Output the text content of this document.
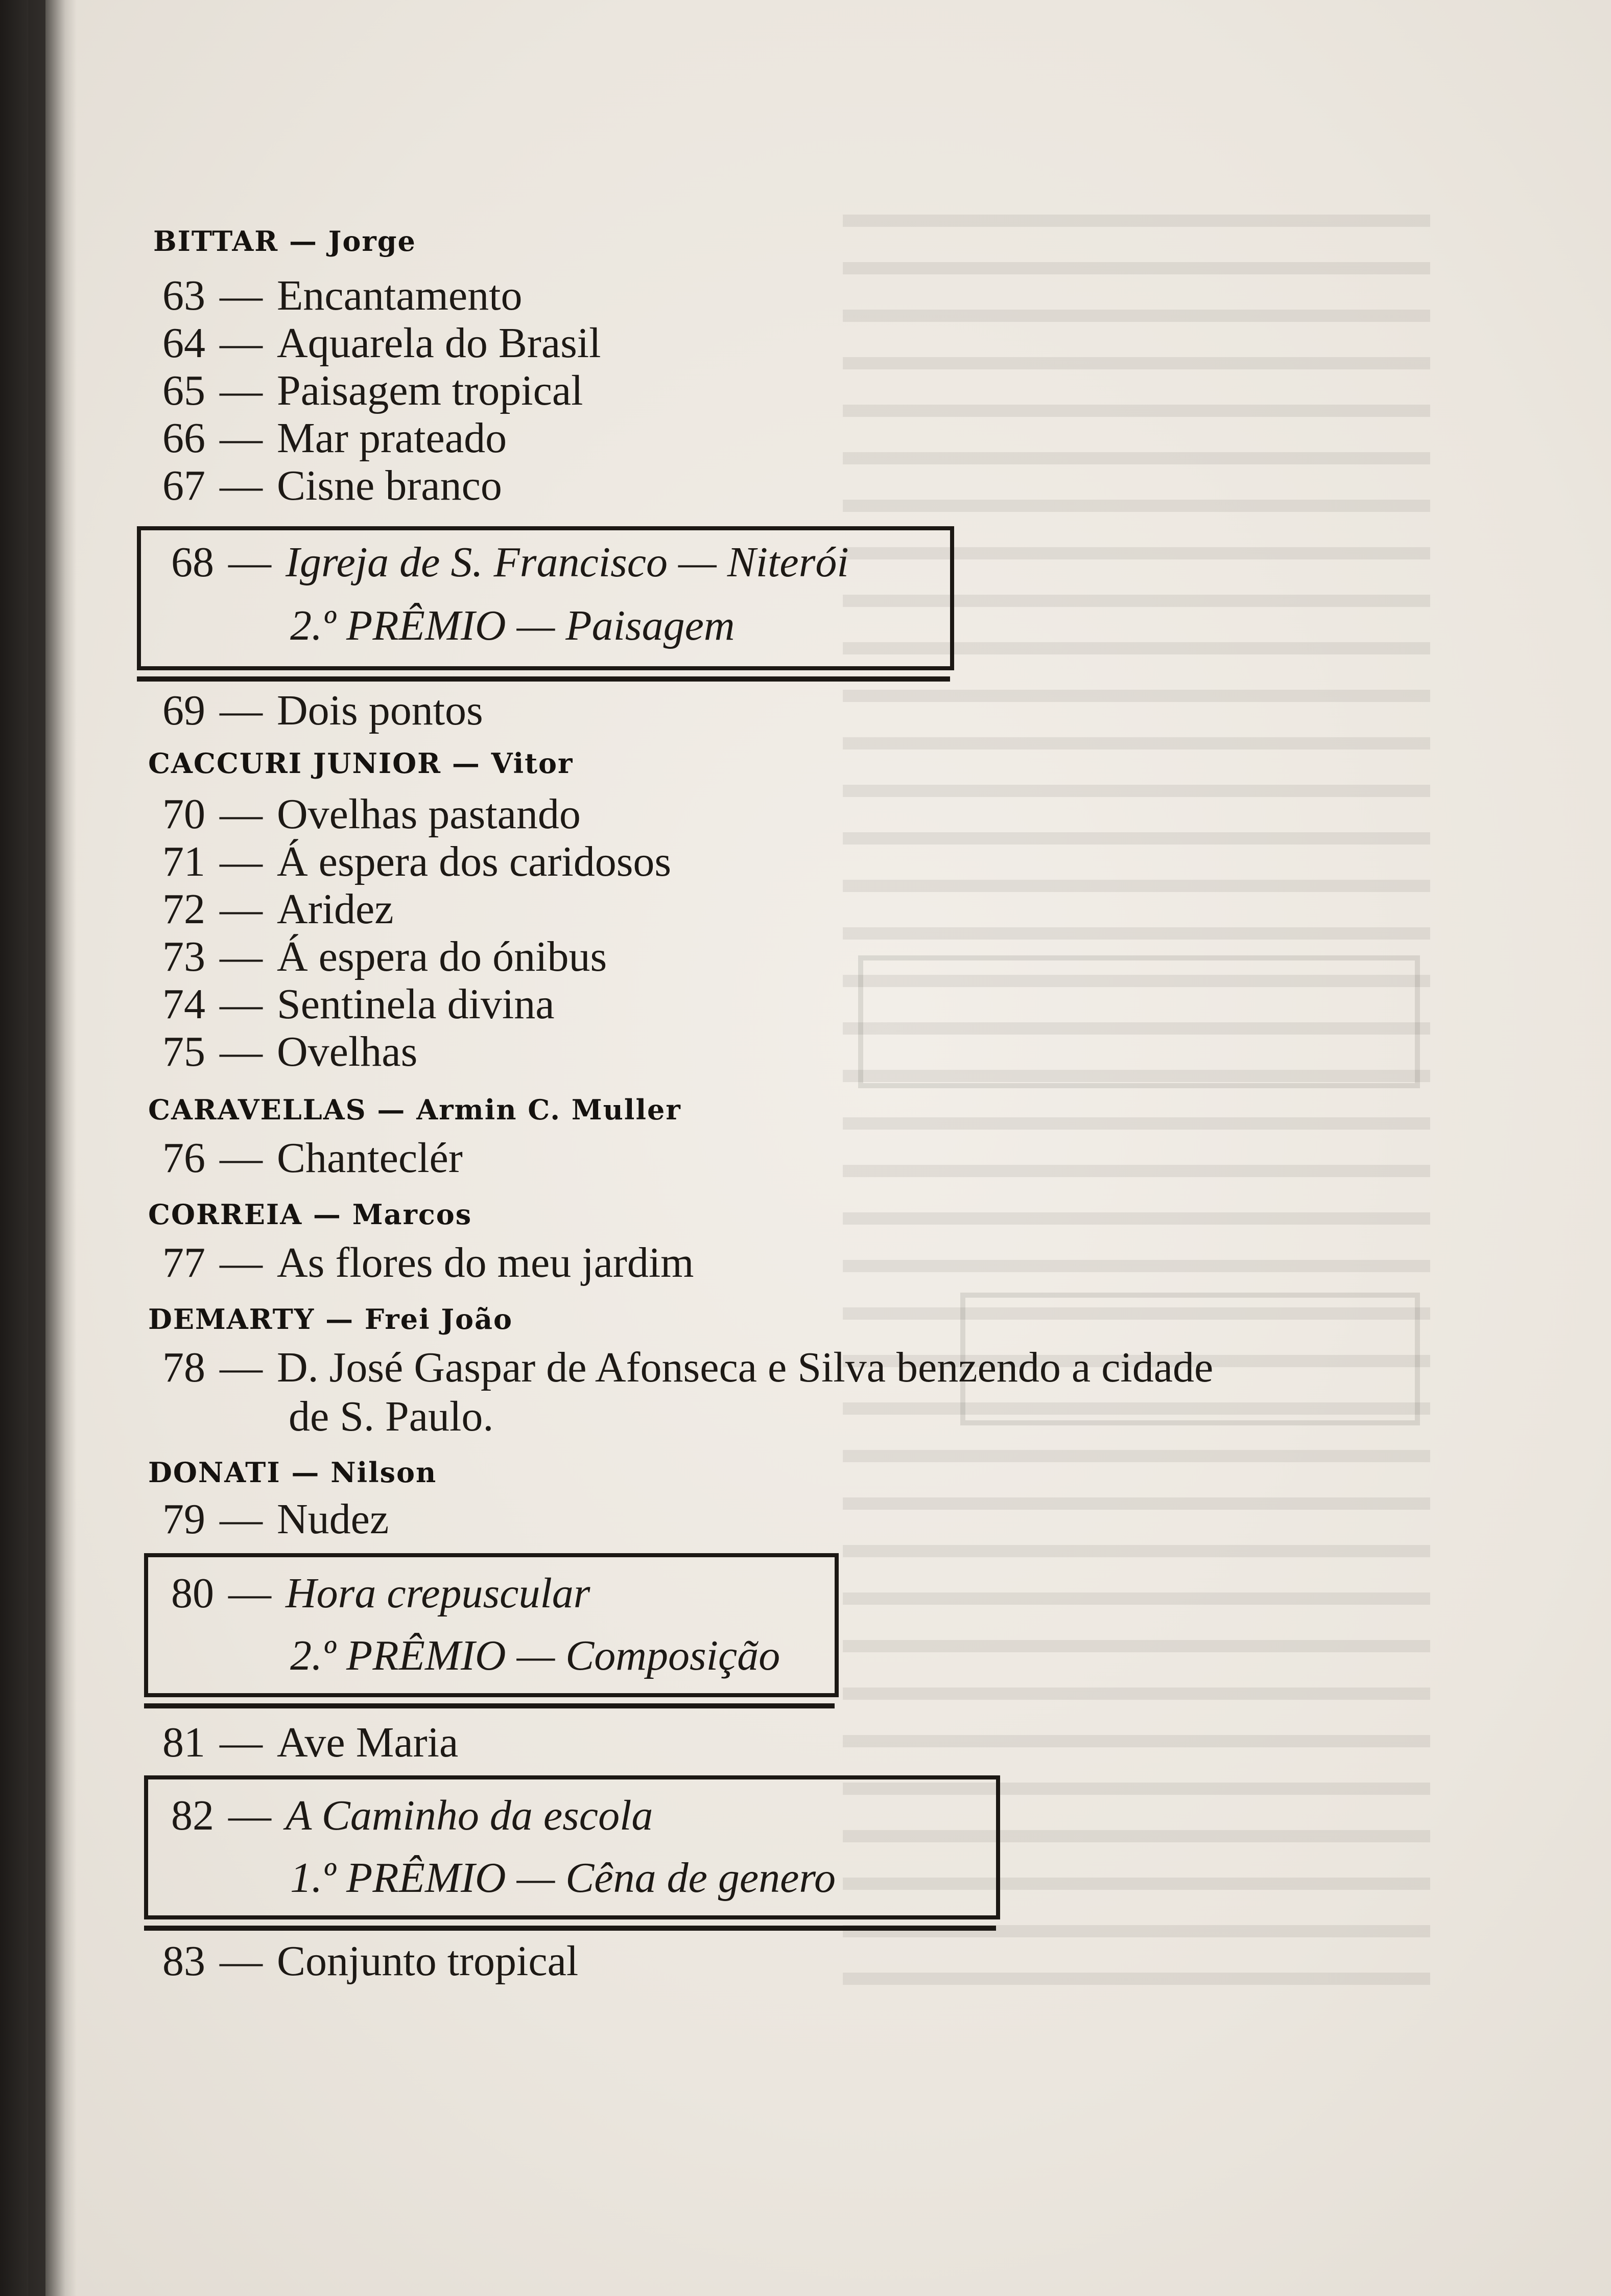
BITTAR — Jorge
63 — Encantamento
64 — Aquarela do Brasil
65 — Paisagem tropical
66 — Mar prateado
67 — Cisne branco
68 — Igreja de S. Francisco — Niterói
2.º PRÊMIO — Paisagem
69 — Dois pontos
CACCURI JUNIOR — Vitor
70 — Ovelhas pastando
71 — Á espera dos caridosos
72 — Aridez
73 — Á espera do ónibus
74 — Sentinela divina
75 — Ovelhas
CARAVELLAS — Armin C. Muller
76 — Chanteclér
CORREIA — Marcos
77 — As flores do meu jardim
DEMARTY — Frei João
78 — D. José Gaspar de Afonseca e Silva benzendo a cidade
de S. Paulo.
DONATI — Nilson
79 — Nudez
80 — Hora crepuscular
2.º PRÊMIO — Composição
81 — Ave Maria
82 — A Caminho da escola
1.º PRÊMIO — Cêna de genero
83 — Conjunto tropical
